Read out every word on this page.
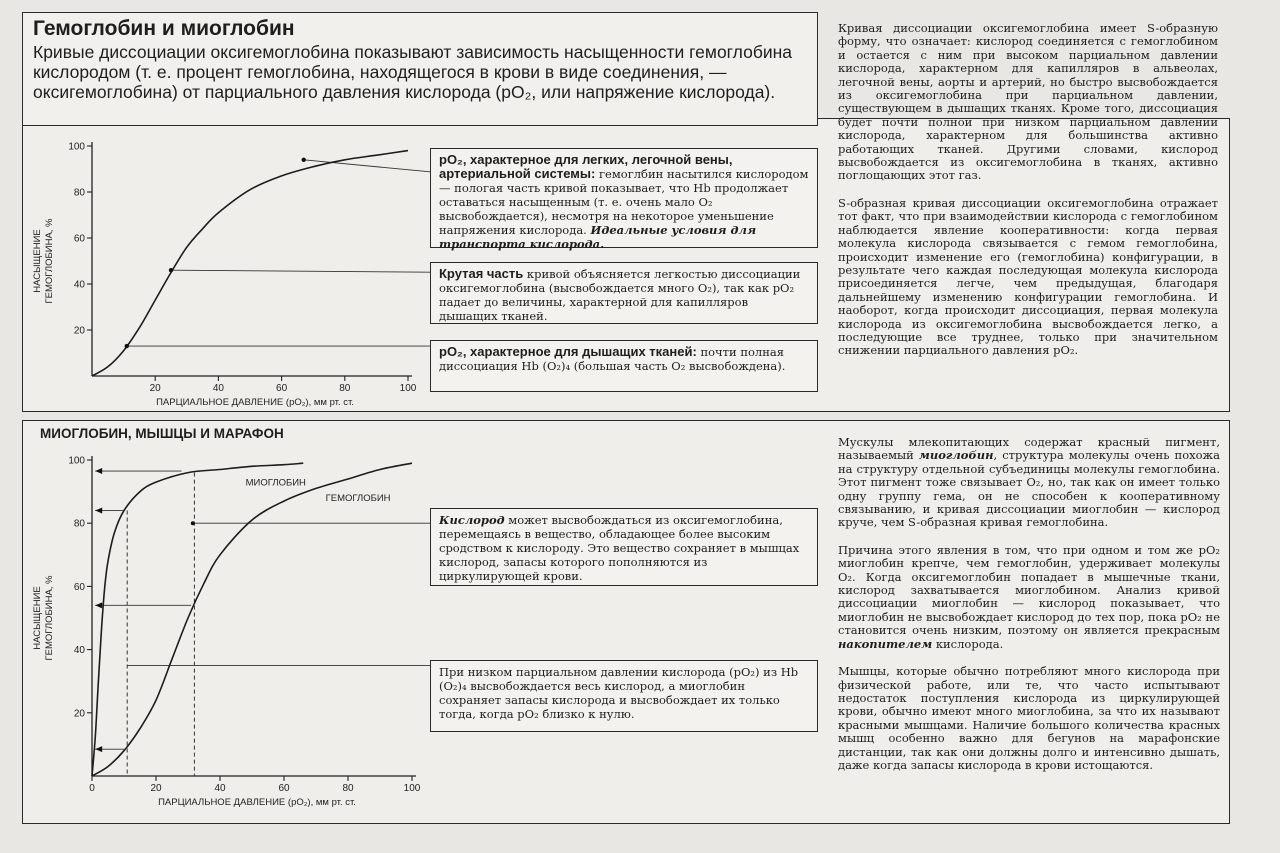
Гемоглобин и миоглобин

Кривые диссоциации оксигемоглобина показывают зависимость насыщенности гемоглобина кислородом (т. е. процент гемоглобина, находящегося в крови в виде соединения, — оксигемоглобина) от парциального давления кислорода (pO₂, или напряжение кислорода).

20
40
60
80
100
20	40	60	80	100
ПАРЦИАЛЬНОЕ ДАВЛЕНИЕ (pO₂), мм рт. ст.
НАСЫЩЕНИЕ ГЕМОГЛОБИНА, %
pO₂, характерное для легких, легочной вены, артериальной системы: гемоглбин насытился кислородом — пологая часть кривой показывает, что Hb продолжает оставаться насыщенным (т. е. очень мало O₂ высвобождается), несмотря на некоторое уменьшение напряжения кислорода. Идеальные условия для транспорта кислорода.
Крутая часть кривой объясняется легкостью диссоциации оксигемоглобина (высвобождается много O₂), так как pO₂ падает до величины, характерной для капилляров дышащих тканей.
pO₂, характерное для дышащих тканей: почти полная диссоциация Hb (O₂)₄ (большая часть O₂ высвобождена).

Кривая диссоциации оксигемоглобина имеет S-образную форму, что означает: кислород соединяется с гемоглобином и остается с ним при высоком парциальном давлении кислорода, характерном для капилляров в альвеолах, легочной вены, аорты и артерий, но быстро высвобождается из оксигемоглобина при парциальном давлении, существующем в дышащих тканях. Кроме того, диссоциация будет почти полной при низком парциальном давлении кислорода, характерном для большинства активно работающих тканей. Другими словами, кислород высвобождается из оксигемоглобина в тканях, активно поглощающих этот газ.

S-образная кривая диссоциации оксигемоглобина отражает тот факт, что при взаимодействии кислорода с гемоглобином наблюдается явление кооперативности: когда первая молекула кислорода связывается с гемом гемоглобина, происходит изменение его (гемоглобина) конфигурации, в результате чего каждая последующая молекула кислорода присоединяется легче, чем предыдущая, благодаря дальнейшему изменению конфигурации гемоглобина. И наоборот, когда происходит диссоциация, первая молекула кислорода из оксигемоглобина высвобождается легко, а последующие все труднее, только при значительном снижении парциального давления pO₂.

МИОГЛОБИН, МЫШЦЫ И МАРАФОН
20
40
60
80
100
0	20	40	60	80	100
ПАРЦИАЛЬНОЕ ДАВЛЕНИЕ (pO₂), мм рт. ст.
НАСЫЩЕНИЕ ГЕМОГЛОБИНА, %
МИОГЛОБИН
ГЕМОГЛОБИН
Кислород может высвобождаться из оксигемоглобина, перемещаясь в вещество, обладающее более высоким сродством к кислороду. Это вещество сохраняет в мышцах кислород, запасы которого пополняются из циркулирующей крови.
При низком парциальном давлении кислорода (pO₂) из Hb (O₂)₄ высвобождается весь кислород, а миоглобин сохраняет запасы кислорода и высвобождает их только тогда, когда pO₂ близко к нулю.

Мускулы млекопитающих содержат красный пигмент, называемый миоглобин, структура молекулы очень похожа на структуру отдельной субъединицы молекулы гемоглобина. Этот пигмент тоже связывает O₂, но, так как он имеет только одну группу гема, он не способен к кооперативному связыванию, и кривая диссоциации миоглобин — кислород круче, чем S-образная кривая гемоглобина.

Причина этого явления в том, что при одном и том же pO₂ миоглобин крепче, чем гемоглобин, удерживает молекулы O₂. Когда оксигемоглобин попадает в мышечные ткани, кислород захватывается миоглобином. Анализ кривой диссоциации миоглобин — кислород показывает, что миоглобин не высвобождает кислород до тех пор, пока pO₂ не становится очень низким, поэтому он является прекрасным накопителем кислорода.

Мышцы, которые обычно потребляют много кислорода при физической работе, или те, что часто испытывают недостаток поступления кислорода из циркулирующей крови, обычно имеют много миоглобина, за что их называют красными мышцами. Наличие большого количества красных мышц особенно важно для бегунов на марафонские дистанции, так как они должны долго и интенсивно дышать, даже когда запасы кислорода в крови истощаются.
